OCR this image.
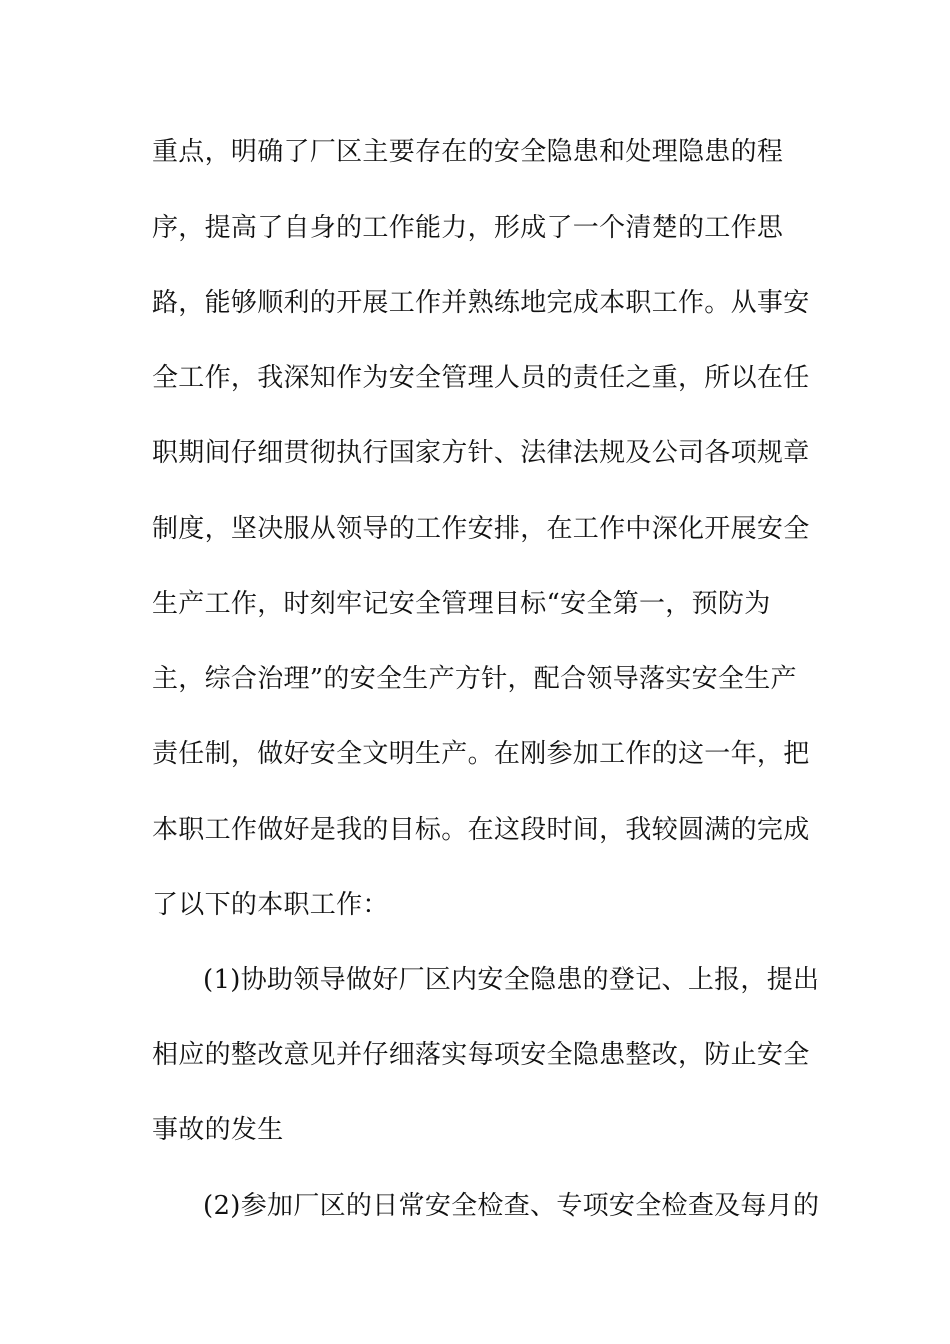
重点，明确了厂区主要存在的安全隐患和处理隐患的程
序，提高了自身的工作能力，形成了一个清楚的工作思
路，能够顺利的开展工作并熟练地完成本职工作。从事安
全工作，我深知作为安全管理人员的责任之重，所以在任
职期间仔细贯彻执行国家方针、法律法规及公司各项规章
制度，坚决服从领导的工作安排，在工作中深化开展安全
生产工作，时刻牢记安全管理目标“安全第一，预防为
主，综合治理”的安全生产方针，配合领导落实安全生产
责任制，做好安全文明生产。在刚参加工作的这一年，把
本职工作做好是我的目标。在这段时间，我较圆满的完成
了以下的本职工作：
(1)协助领导做好厂区内安全隐患的登记、上报，提出
相应的整改意见并仔细落实每项安全隐患整改，防止安全
事故的发生
(2)参加厂区的日常安全检查、专项安全检查及每月的
